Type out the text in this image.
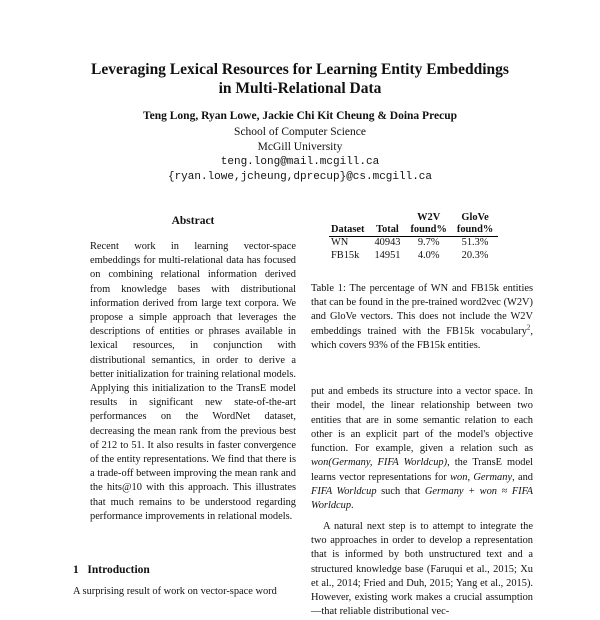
Leveraging Lexical Resources for Learning Entity Embeddings
in Multi-Relational Data
Teng Long, Ryan Lowe, Jackie Chi Kit Cheung & Doina Precup
School of Computer Science
McGill University
teng.long@mail.mcgill.ca
{ryan.lowe,jcheung,dprecup}@cs.mcgill.ca
Abstract
Recent work in learning vector-space embeddings for multi-relational data has focused on combining relational information derived from knowledge bases with distributional information derived from large text corpora. We propose a simple approach that leverages the descriptions of entities or phrases available in lexical resources, in conjunction with distributional semantics, in order to derive a better initialization for training relational models. Applying this initialization to the TransE model results in significant new state-of-the-art performances on the WordNet dataset, decreasing the mean rank from the previous best of 212 to 51. It also results in faster convergence of the entity representations. We find that there is a trade-off between improving the mean rank and the hits@10 with this approach. This illustrates that much remains to be understood regarding performance improvements in relational models.
1   Introduction
A surprising result of work on vector-space word
		W2V	GloVe
Dataset	Total	found%	found%
WN	40943	9.7%	51.3%
FB15k	14951	4.0%	20.3%
Table 1: The percentage of WN and FB15k entities that can be found in the pre-trained word2vec (W2V) and GloVe vectors. This does not include the W2V embeddings trained with the FB15k vocabulary$^2$, which covers 93% of the FB15k entities.

put and embeds its structure into a vector space. In their model, the linear relationship between two entities that are in some semantic relation to each other is an explicit part of the model's objective function. For example, given a relation such as won(Germany, FIFA Worldcup), the TransE model learns vector representations for won, Germany, and FIFA Worldcup such that Germany + won ≈ FIFA Worldcup.

A natural next step is to attempt to integrate the two approaches in order to develop a representation that is informed by both unstructured text and a structured knowledge base (Faruqui et al., 2015; Xu et al., 2014; Fried and Duh, 2015; Yang et al., 2015). However, existing work makes a crucial assumption—that reliable distributional vec-
